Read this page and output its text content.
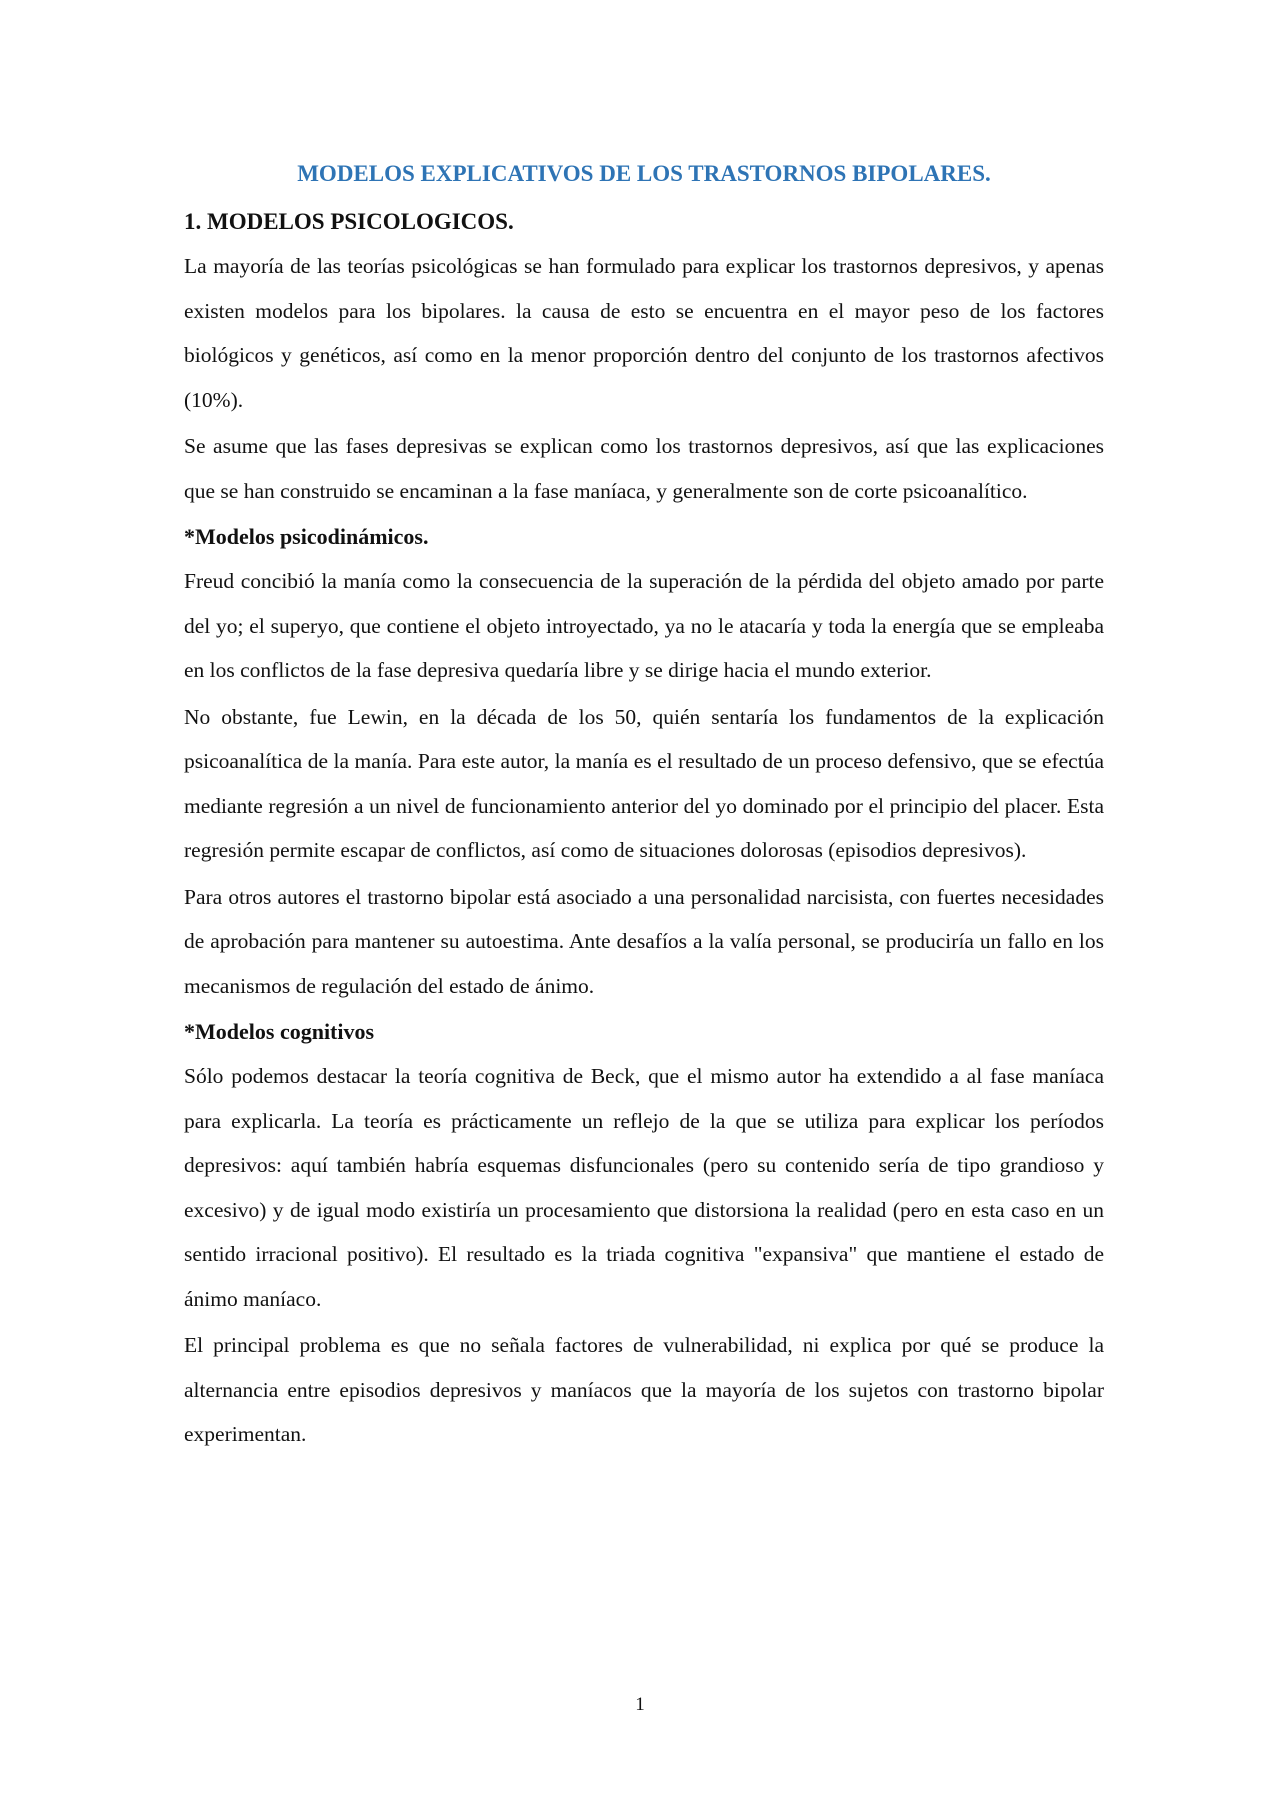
MODELOS EXPLICATIVOS DE LOS TRASTORNOS BIPOLARES.
1. MODELOS PSICOLOGICOS.

La mayoría de las teorías psicológicas se han formulado para explicar los trastornos depresivos, y apenas existen modelos para los bipolares. la causa de esto se encuentra en el mayor peso de los factores biológicos y genéticos, así como en la menor proporción dentro del conjunto de los trastornos afectivos (10%).

Se asume que las fases depresivas se explican como los trastornos depresivos, así que las explicaciones que se han construido se encaminan a la fase maníaca, y generalmente son de corte psicoanalítico.

*Modelos psicodinámicos.

Freud concibió la manía como la consecuencia de la superación de la pérdida del objeto amado por parte del yo; el superyo, que contiene el objeto introyectado, ya no le atacaría y toda la energía que se empleaba en los conflictos de la fase depresiva quedaría libre y se dirige hacia el mundo exterior.

No obstante, fue Lewin, en la década de los 50, quién sentaría los fundamentos de la explicación psicoanalítica de la manía. Para este autor, la manía es el resultado de un proceso defensivo, que se efectúa mediante regresión a un nivel de funcionamiento anterior del yo dominado por el principio del placer. Esta regresión permite escapar de conflictos, así como de situaciones dolorosas (episodios depresivos).

Para otros autores el trastorno bipolar está asociado a una personalidad narcisista, con fuertes necesidades de aprobación para mantener su autoestima. Ante desafíos a la valía personal, se produciría un fallo en los mecanismos de regulación del estado de ánimo.

*Modelos cognitivos

Sólo podemos destacar la teoría cognitiva de Beck, que el mismo autor ha extendido a al fase maníaca para explicarla. La teoría es prácticamente un reflejo de la que se utiliza para explicar los períodos depresivos: aquí también habría esquemas disfuncionales (pero su contenido sería de tipo grandioso y excesivo) y de igual modo existiría un procesamiento que distorsiona la realidad (pero en esta caso en un sentido irracional positivo). El resultado es la triada cognitiva "expansiva" que mantiene el estado de ánimo maníaco.

El principal problema es que no señala factores de vulnerabilidad, ni explica por qué se produce la alternancia entre episodios depresivos y maníacos que la mayoría de los sujetos con trastorno bipolar experimentan.

1
